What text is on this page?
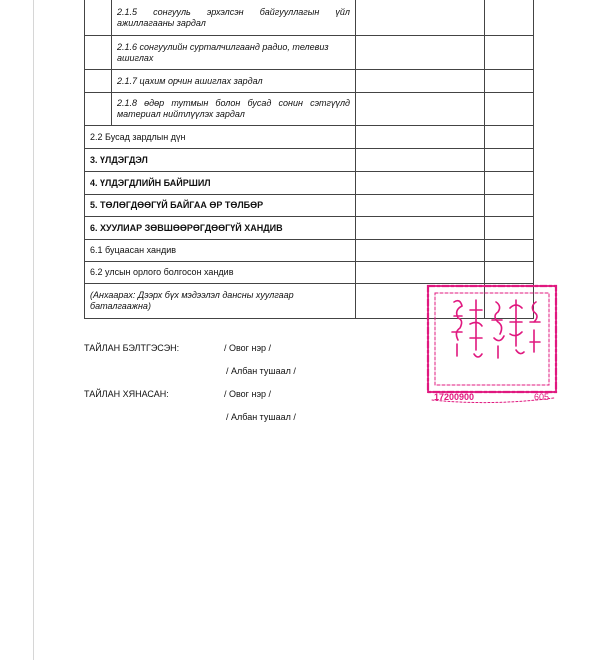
	2.1.5 сонгууль эрхэлсэн байгууллагын үйл ажиллагааны зардал		
	2.1.6 сонгуулийн сурталчилгаанд радио, телевиз ашиглах		
	2.1.7 цахим орчин ашиглах зардал		
	2.1.8 өдөр тутмын болон бусад сонин сэтгүүлд материал нийтлүүлэх зардал		
2.2 Бусад зардлын дүн			
3. ҮЛДЭГДЭЛ			
4. ҮЛДЭГДЛИЙН БАЙРШИЛ			
5. ТӨЛӨГДӨӨГҮЙ БАЙГАА ӨР ТӨЛБӨР			
6. ХУУЛИАР ЗӨВШӨӨРӨГДӨӨГҮЙ ХАНДИВ			
6.1 буцаасан хандив			
6.2 улсын орлого болгосон хандив			
(Анхаарах: Дээрх бүх мэдээлэл дансны хуулгаар баталгаажна)			
ТАЙЛАН БЭЛТГЭСЭН:	/ Овог нэр /
/ Албан тушаал /
ТАЙЛАН ХЯНАСАН:	/ Овог нэр /
/ Албан тушаал /
17200900	605
